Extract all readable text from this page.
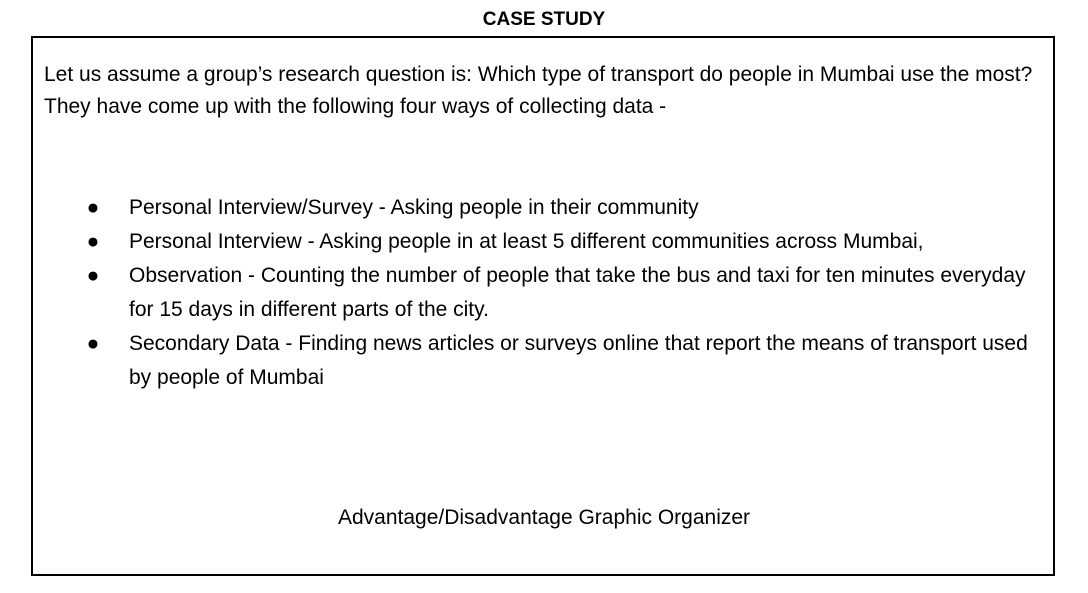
CASE STUDY

Let us assume a group’s research question is: Which type of transport do people in Mumbai use the most? They have come up with the following four ways of collecting data -

● Personal Interview/Survey - Asking people in their community
● Personal Interview - Asking people in at least 5 different communities across Mumbai,
● Observation - Counting the number of people that take the bus and taxi for ten minutes everyday for 15 days in different parts of the city.
● Secondary Data - Finding news articles or surveys online that report the means of transport used by people of Mumbai

Advantage/Disadvantage Graphic Organizer
